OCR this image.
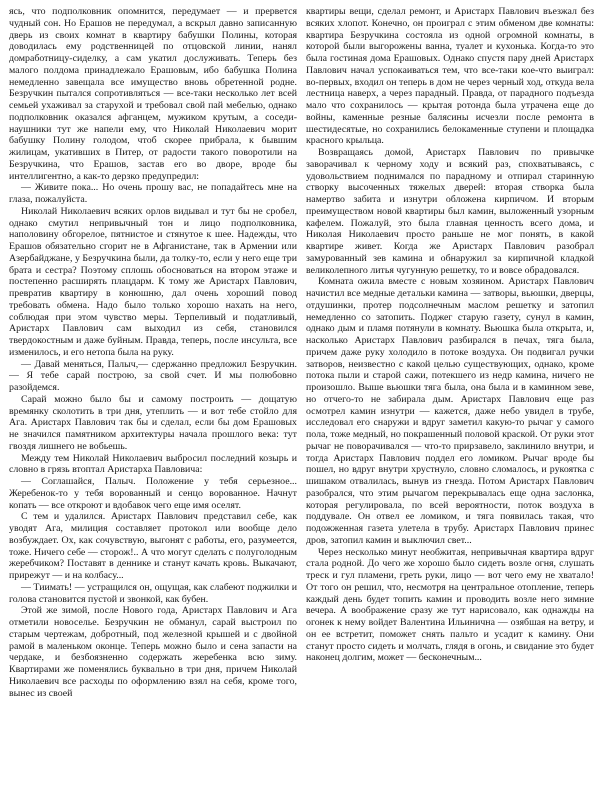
ясь, что подполковник опомнится, передумает — и прервется чудный сон. Но Ерашов не передумал, а вскрыл давно записанную дверь из своих комнат в квартиру бабушки Полины, которая доводилась ему родственницей по отцовской линии, нанял домработницу-сиделку, а сам укатил дослуживать. Теперь без малого полдома принадлежало Ерашовым, ибо бабушка Полина немедленно завещала все имущество вновь обретенной родне. Безручкин пытался сопротивляться — все-таки несколько лет всей семьей ухаживал за старухой и требовал свой пай мебелью, однако подполковник оказался афганцем, мужиком крутым, а соседи-наушники тут же напели ему, что Николай Николаевич морит бабушку Полину голодом, чтоб скорее прибрала, к бывшим жилицам, укативших в Питер, от радости такого поворотили на Безручкина, что Ерашов, застав его во дворе, вроде бы интеллигентно, а как-то дерзко предупредил:

— Живите пока... Но очень прошу вас, не попадайтесь мне на глаза, пожалуйста.

Николай Николаевич всяких орлов видывал и тут бы не сробел, однако смутил непривычный тон и лицо подполковника, наполовину обгорелое, пятнистое и стянутое к шее. Надежды, что Ерашов обязательно сгорит не в Афганистане, так в Армении или Азербайджане, у Безручкина были, да толку-то, если у него еще три брата и сестра? Поэтому сплошь обосноваться на втором этаже и постепенно расширять плацдарм. К тому же Аристарх Павлович, превратив квартиру в конюшню, дал очень хороший повод требовать обмена. Надо было только хорошо нахать на него, соблюдая при этом чувство меры. Терпеливый и податливый, Аристарх Павлович сам выходил из себя, становился твердокостным и даже буйным. Правда, теперь, после инсульта, все изменилось, и его нетопа была на руку.

— Давай меняться, Палыч,— сдержанно предложил Безручкин.— Я тебе сарай построю, за свой счет. И мы полюбовно разойдемся.

Сарай можно было бы и самому построить — дощатую времянку сколотить в три дня, утеплить — и вот тебе стойло для Ага. Аристарх Павлович так бы и сделал, если бы дом Ерашовых не значился памятником архитектуры начала прошлого века: тут гвоздя лишнего не вобьешь.

Между тем Николай Николаевич выбросил последний козырь и словно в грязь втоптал Аристарха Павловича:

— Соглашайся, Палыч. Положение у тебя серьезное... Жеребенок-то у тебя ворованный и сенцо ворованное. Начнут копать — все откроют и вдобавок чего еще имя оселят.

С тем и удалился. Аристарх Павлович представил себе, как уводят Ага, милиция составляет протокол или вообще дело возбуждает. Ох, как сочувствую, выгонят с работы, его, разумеется, тоже. Ничего себе — сторож!.. А что могут сделать с полуголодным жеребчиком? Поставят в деннике и станут качать кровь. Выкачают, прирежут — и на колбасу...

— Тиимать! — устращился он, ощущая, как слабеют поджилки и голова становится пустой и звонкой, как бубен.

Этой же зимой, после Нового года, Аристарх Павлович и Ага отметили новоселье. Безручкин не обманул, сарай выстроил по старым чертежам, добротный, под железной крышей и с двойной рамой в маленьком оконце. Теперь можно было и сена запасти на чердаке, и безбоязненно содержать жеребенка всю зиму. Квартирами же поменялись буквально в три дня, причем Николай Николаевич все расходы по оформлению взял на себя, кроме того, вынес из своей

квартиры вещи, сделал ремонт, и Аристарх Павлович въезжал без всяких хлопот. Конечно, он проиграл с этим обменом две комнаты: квартира Безручкина состояла из одной огромной комнаты, в которой были выгорожены ванна, туалет и кухонька. Когда-то это была гостиная дома Ерашовых. Однако спустя пару дней Аристарх Павлович начал успокаиваться тем, что все-таки кое-что выиграл: во-первых, входил он теперь в дом не через черный ход, откуда вела лестница наверх, а через парадный. Правда, от парадного подъезда мало что сохранилось — крытая ротонда была утрачена еще до войны, каменные резные балясины исчезли после ремонта в шестидесятые, но сохранились белокаменные ступени и площадка красного крыльца.

Возвращаясь домой, Аристарх Павлович по привычке заворачивал к черному ходу и всякий раз, спохватываясь, с удовольствием поднимался по парадному и отпирал старинную створку высоченных тяжелых дверей: вторая створка была намертво забита и изнутри обложена кирпичом. И вторым преимуществом новой квартиры был камин, выложенный узорным кафелем. Пожалуй, это была главная ценность всего дома, и Николая Николаевич просто раньше не мог понять, в какой квартире живет. Когда же Аристарх Павлович разобрал замурованный зев камина и обнаружил за кирпичной кладкой великолепного литья чугунную решетку, то и вовсе обрадовался.

Комната ожила вместе с новым хозяином. Аристарх Павлович начистил все медные детальки камина — затворы, вьюшки, дверцы, отдушинки, протер подсолнечным маслом решетку и затопил немедленно со затопить. Поджег старую газету, сунул в камин, однако дым и пламя потянули в комнату. Вьюшка была открыта, и, насколько Аристарх Павлович разбирался в печах, тяга была, причем даже руку холодило в потоке воздуха. Он подвигал ручки затворов, неизвестно с какой целью существующих, однако, кроме потока пыли и старой сажи, потекшего из недр камина, ничего не произошло. Выше вьюшки тяга была, она была и в каминном зеве, но отчего-то не забирала дым. Аристарх Павлович еще раз осмотрел камин изнутри — кажется, даже небо увидел в трубе, исследовал его снаружи и вдруг заметил какую-то рычаг у самого пола, тоже медный, но покрашенный половой краской. От руки этот рычаг не поворачивался — что-то прирзавело, заклинило внутри, и тогда Аристарх Павлович поддел его ломиком. Рычаг вроде бы пошел, но вдруг внутри хрустнуло, словно сломалось, и рукоятка с шишаком отвалилась, вынув из гнезда. Потом Аристарх Павлович разобрался, что этим рычагом перекрывалась еще одна заслонка, которая регулировала, по всей вероятности, поток воздуха в поддувале. Он отвел ее ломиком, и тяга появилась такая, что подожженная газета улетела в трубу. Аристарх Павлович принес дров, затопил камин и выключил свет...

Через несколько минут необжитая, непривычная квартира вдруг стала родной. До чего же хорошо было сидеть возле огня, слушать треск и гул пламени, греть руки, лицо — вот чего ему не хватало! От того он решил, что, несмотря на центральное отопление, теперь каждый день будет топить камин и проводить возле него зимние вечера. А воображение сразу же тут нарисовало, как однажды на огонек к нему войдет Валентина Ильинична — озябшая на ветру, и он ее встретит, поможет снять пальто и усадит к камину. Они станут просто сидеть и молчать, глядя в огонь, и свидание это будет наконец долгим, может — бесконечным...
